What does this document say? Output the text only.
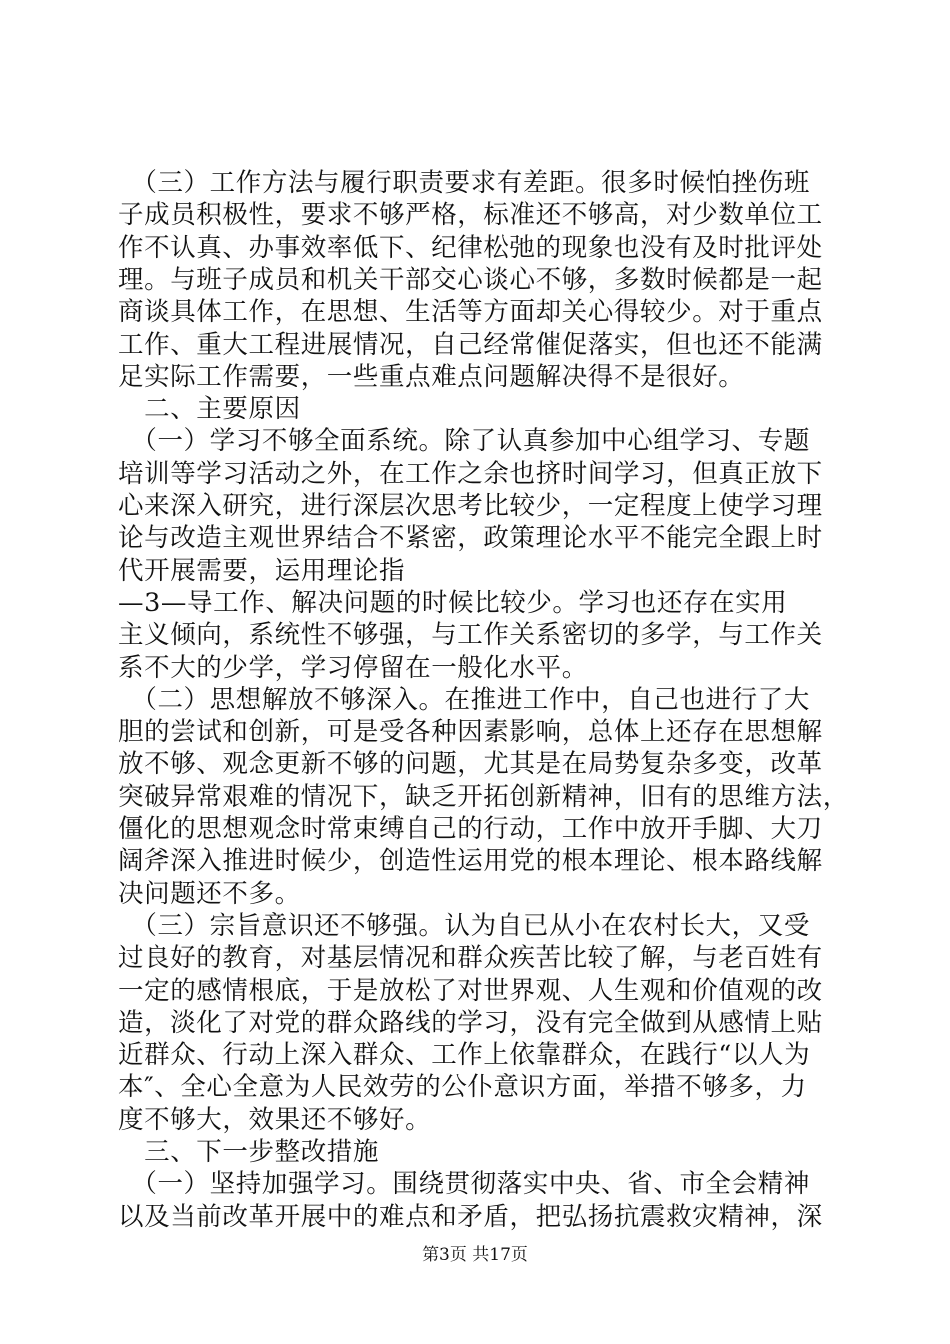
　（三）工作方法与履行职责要求有差距。很多时候怕挫伤班
子成员积极性，要求不够严格，标准还不够高，对少数单位工
作不认真、办事效率低下、纪律松弛的现象也没有及时批评处
理。与班子成员和机关干部交心谈心不够，多数时候都是一起
商谈具体工作，在思想、生活等方面却关心得较少。对于重点
工作、重大工程进展情况，自己经常催促落实，但也还不能满
足实际工作需要，一些重点难点问题解决得不是很好。
　二、主要原因
　（一）学习不够全面系统。除了认真参加中心组学习、专题
培训等学习活动之外，在工作之余也挤时间学习，但真正放下
心来深入研究，进行深层次思考比较少，一定程度上使学习理
论与改造主观世界结合不紧密，政策理论水平不能完全跟上时
代开展需要，运用理论指
—3—导工作、解决问题的时候比较少。学习也还存在实用
主义倾向，系统性不够强，与工作关系密切的多学，与工作关
系不大的少学，学习停留在一般化水平。
　（二）思想解放不够深入。在推进工作中，自己也进行了大
胆的尝试和创新，可是受各种因素影响，总体上还存在思想解
放不够、观念更新不够的问题，尤其是在局势复杂多变，改革
突破异常艰难的情况下，缺乏开拓创新精神，旧有的思维方法，
僵化的思想观念时常束缚自己的行动，工作中放开手脚、大刀
阔斧深入推进时候少，创造性运用党的根本理论、根本路线解
决问题还不多。
　（三）宗旨意识还不够强。认为自已从小在农村长大，又受
过良好的教育，对基层情况和群众疾苦比较了解，与老百姓有
一定的感情根底，于是放松了对世界观、人生观和价值观的改
造，淡化了对党的群众路线的学习，没有完全做到从感情上贴
近群众、行动上深入群众、工作上依靠群众，在践行“以人为
本″、全心全意为人民效劳的公仆意识方面，举措不够多，力
度不够大，效果还不够好。
　三、下一步整改措施
　（一）坚持加强学习。围绕贯彻落实中央、省、市全会精神
以及当前改革开展中的难点和矛盾，把弘扬抗震救灾精神，深
第3页 共17页
